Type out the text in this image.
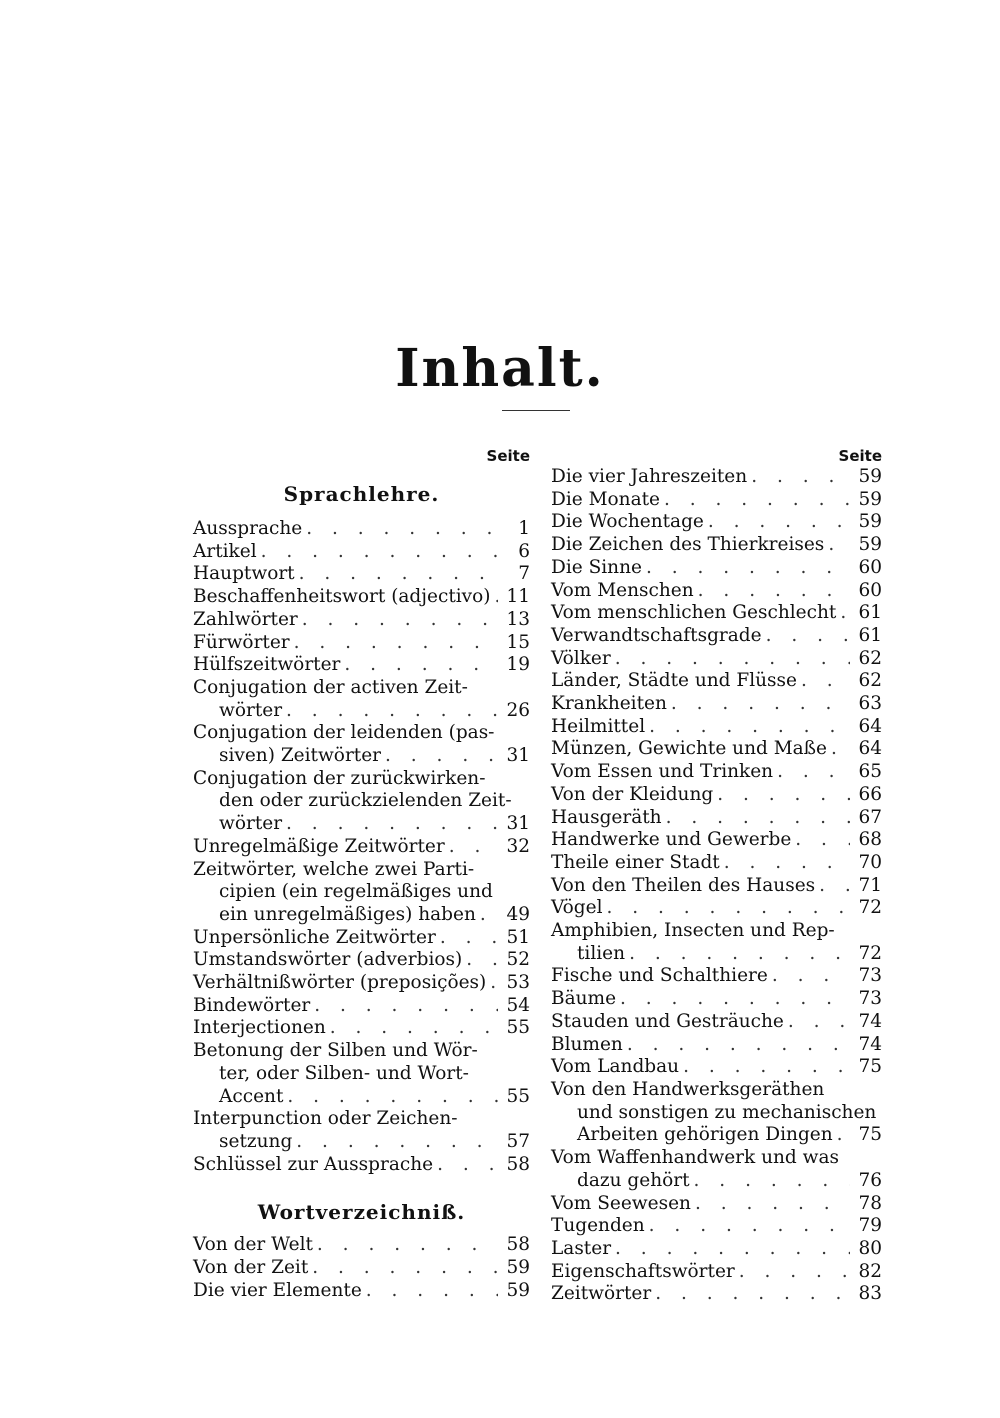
Inhalt.
Seite
Sprachlehre.
Aussprache . . .	1
Artikel . . .	6
Hauptwort . . .	7
Beschaffenheitswort (adjectivo) . . . 11
Zahlwörter . . .	13
Fürwörter . . .	15
Hülfszeitwörter . . .	19
Conjugation der activen Zeit-
wörter . . .	26
Conjugation der leidenden (pas-
siven) Zeitwörter . . .	31
Conjugation der zurückwirken-
den oder zurückzielenden Zeit-
wörter . . .	31
Unregelmäßige Zeitwörter . . .	32
Zeitwörter, welche zwei Parti-
cipien (ein regelmäßiges und
ein unregelmäßiges) haben . . . 49
Unpersönliche Zeitwörter . . .	51
Umstandswörter (adverbios) . . . 52
Verhältnißwörter (preposições) . . . 53
Bindewörter . . .	54
Interjectionen . . .	55
Betonung der Silben und Wör-
ter, oder Silben- und Wort-
Accent . . .	55
Interpunction oder Zeichen-
setzung . . .	57
Schlüssel zur Aussprache . . .	58
Wortverzeichniß.
Von der Welt . . .	58
Von der Zeit . . .	59
Die vier Elemente . . .	59
Seite
Die vier Jahreszeiten . . .	59
Die Monate . . .	59
Die Wochentage . . .	59
Die Zeichen des Thierkreises . . . 59
Die Sinne . . .	60
Vom Menschen . . .	60
Vom menschlichen Geschlecht . . . 61
Verwandtschaftsgrade . . .	61
Völker . . .	62
Länder, Städte und Flüsse . . .	62
Krankheiten . . .	63
Heilmittel . . .	64
Münzen, Gewichte und Maße . . . 64
Vom Essen und Trinken . . .	65
Von der Kleidung . . .	66
Hausgeräth . . .	67
Handwerke und Gewerbe . . .	68
Theile einer Stadt . . .	70
Von den Theilen des Hauses . . . 71
Vögel . . .	72
Amphibien, Insecten und Rep-
tilien . . .	72
Fische und Schalthiere . . .	73
Bäume . . .	73
Stauden und Gesträuche . . .	74
Blumen . . .	74
Vom Landbau . . .	75
Von den Handwerksgeräthen
und sonstigen zu mechanischen
Arbeiten gehörigen Dingen . . . 75
Vom Waffenhandwerk und was
dazu gehört . . .	76
Vom Seewesen . . .	78
Tugenden . . .	79
Laster . . .	80
Eigenschaftswörter . . .	82
Zeitwörter . . .	83
